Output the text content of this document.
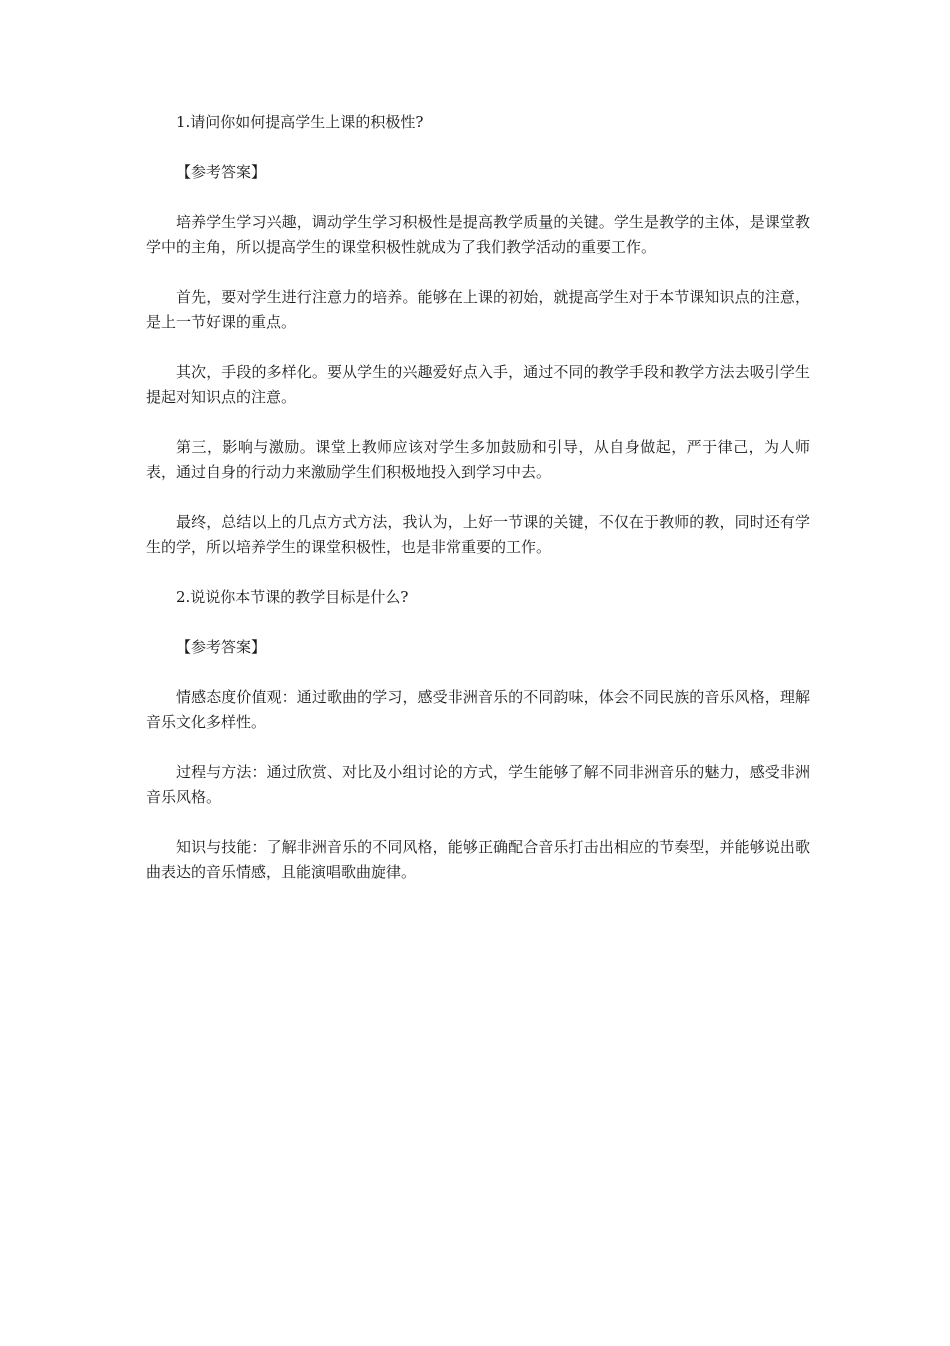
1.请问你如何提高学生上课的积极性?

【参考答案】

培养学生学习兴趣，调动学生学习积极性是提高教学质量的关键。学生是教学的主体，是课堂教学中的主角，所以提高学生的课堂积极性就成为了我们教学活动的重要工作。

首先，要对学生进行注意力的培养。能够在上课的初始，就提高学生对于本节课知识点的注意，是上一节好课的重点。

其次，手段的多样化。要从学生的兴趣爱好点入手，通过不同的教学手段和教学方法去吸引学生提起对知识点的注意。

第三，影响与激励。课堂上教师应该对学生多加鼓励和引导，从自身做起，严于律己，为人师表，通过自身的行动力来激励学生们积极地投入到学习中去。

最终，总结以上的几点方式方法，我认为，上好一节课的关键，不仅在于教师的教，同时还有学生的学，所以培养学生的课堂积极性，也是非常重要的工作。

2.说说你本节课的教学目标是什么?

【参考答案】

情感态度价值观：通过歌曲的学习，感受非洲音乐的不同韵味，体会不同民族的音乐风格，理解音乐文化多样性。

过程与方法：通过欣赏、对比及小组讨论的方式，学生能够了解不同非洲音乐的魅力，感受非洲音乐风格。

知识与技能：了解非洲音乐的不同风格，能够正确配合音乐打击出相应的节奏型，并能够说出歌曲表达的音乐情感，且能演唱歌曲旋律。
